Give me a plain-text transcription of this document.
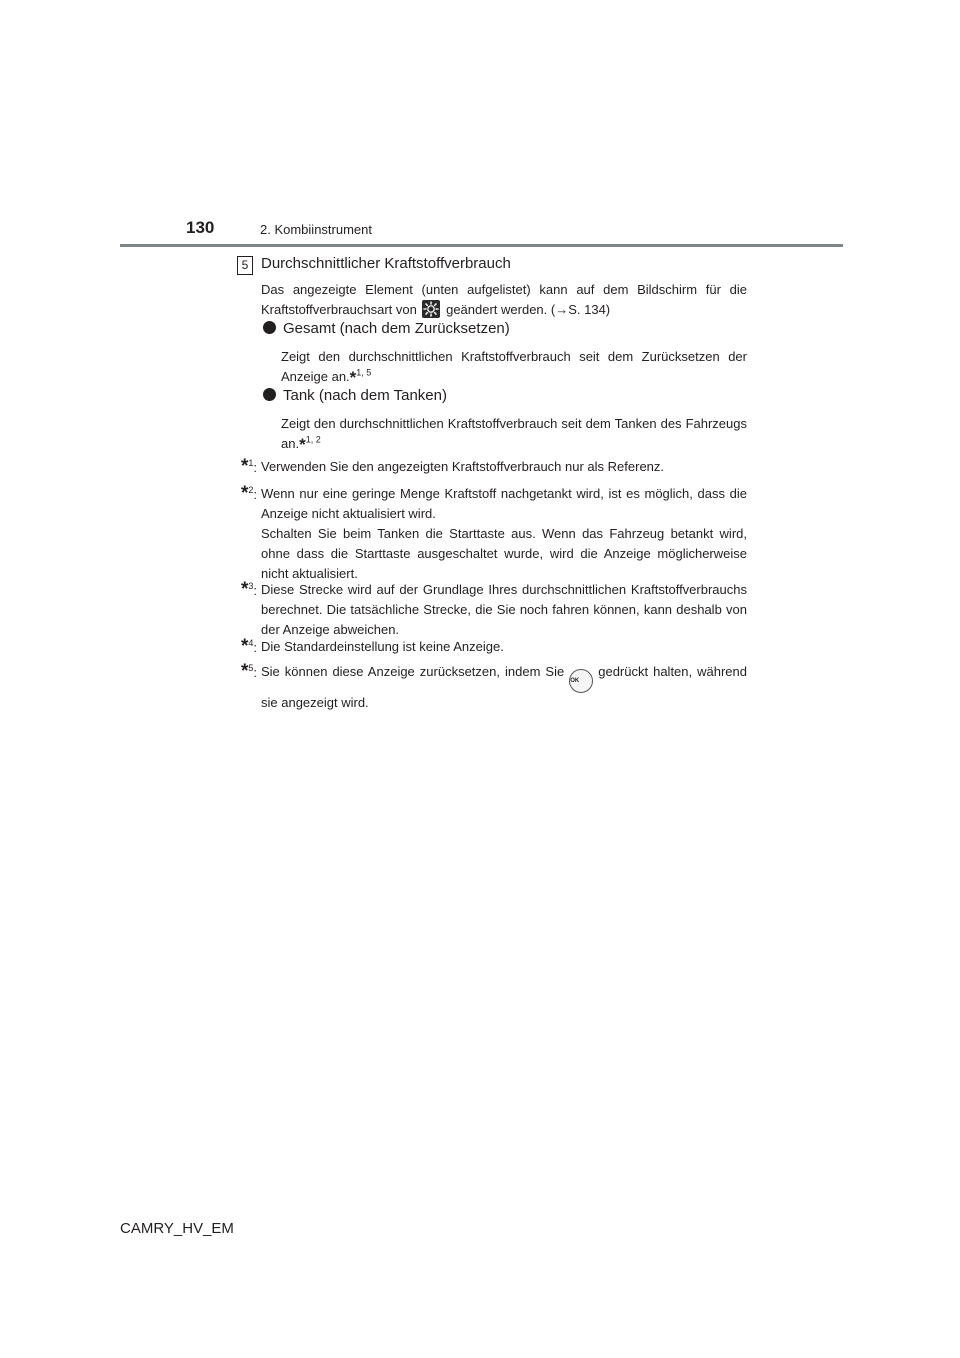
130	2. Kombiinstrument
5 Durchschnittlicher Kraftstoffverbrauch
Das angezeigte Element (unten aufgelistet) kann auf dem Bildschirm für die Kraftstoffverbrauchsart von geändert werden. (→S. 134)
Gesamt (nach dem Zurücksetzen)
Zeigt den durchschnittlichen Kraftstoffverbrauch seit dem Zurücksetzen der Anzeige an.*$^{1, 5}$
Tank (nach dem Tanken)
Zeigt den durchschnittlichen Kraftstoffverbrauch seit dem Tanken des Fahrzeugs an.*$^{1, 2}$
*$^1$: Verwenden Sie den angezeigten Kraftstoffverbrauch nur als Referenz.
*$^2$: Wenn nur eine geringe Menge Kraftstoff nachgetankt wird, ist es möglich, dass die Anzeige nicht aktualisiert wird.
Schalten Sie beim Tanken die Starttaste aus. Wenn das Fahrzeug betankt wird, ohne dass die Starttaste ausgeschaltet wurde, wird die Anzeige möglicherweise nicht aktualisiert.
*$^3$: Diese Strecke wird auf der Grundlage Ihres durchschnittlichen Kraftstoffverbrauchs berechnet. Die tatsächliche Strecke, die Sie noch fahren können, kann deshalb von der Anzeige abweichen.
*$^4$: Die Standardeinstellung ist keine Anzeige.
*$^5$: Sie können diese Anzeige zurücksetzen, indem Sie OK gedrückt halten, während sie angezeigt wird.
CAMRY_HV_EM
